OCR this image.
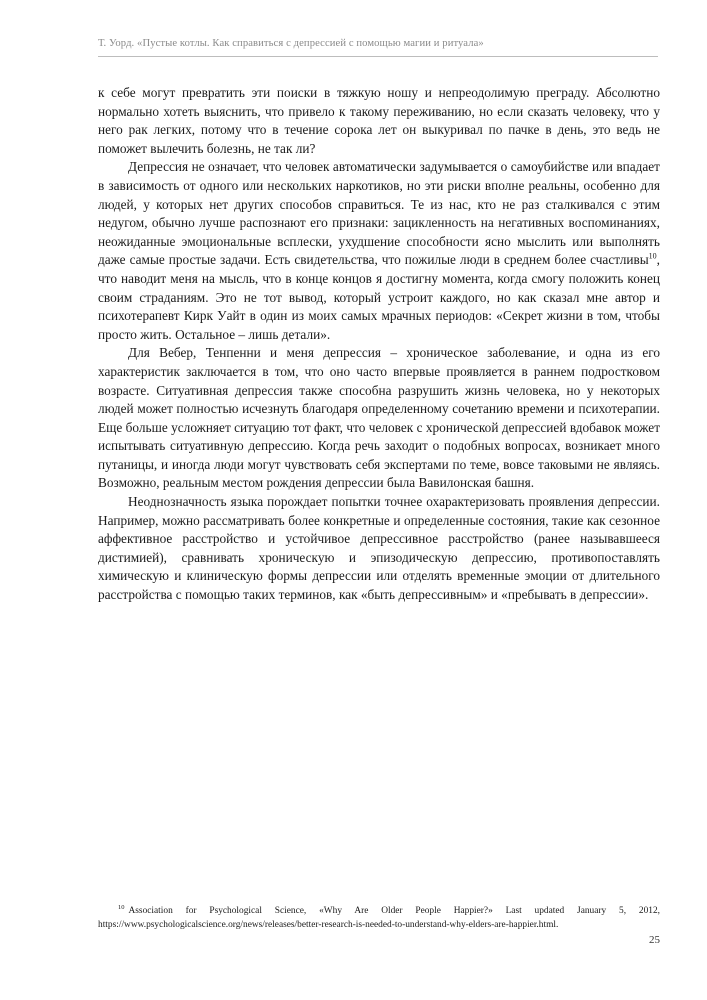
Т. Уорд. «Пустые котлы. Как справиться с депрессией с помощью магии и ритуала»

к себе могут превратить эти поиски в тяжкую ношу и непреодолимую преграду. Абсолютно нормально хотеть выяснить, что привело к такому переживанию, но если сказать человеку, что у него рак легких, потому что в течение сорока лет он выкуривал по пачке в день, это ведь не поможет вылечить болезнь, не так ли?

Депрессия не означает, что человек автоматически задумывается о самоубийстве или впадает в зависимость от одного или нескольких наркотиков, но эти риски вполне реальны, особенно для людей, у которых нет других способов справиться. Те из нас, кто не раз сталкивался с этим недугом, обычно лучше распознают его признаки: зацикленность на негативных воспоминаниях, неожиданные эмоциональные всплески, ухудшение способности ясно мыслить или выполнять даже самые простые задачи. Есть свидетельства, что пожилые люди в среднем более счастливы$^{10}$, что наводит меня на мысль, что в конце концов я достигну момента, когда смогу положить конец своим страданиям. Это не тот вывод, который устроит каждого, но как сказал мне автор и психотерапевт Кирк Уайт в один из моих самых мрачных периодов: «Секрет жизни в том, чтобы просто жить. Остальное – лишь детали».

Для Вебер, Тенпенни и меня депрессия – хроническое заболевание, и одна из его характеристик заключается в том, что оно часто впервые проявляется в раннем подростковом возрасте. Ситуативная депрессия также способна разрушить жизнь человека, но у некоторых людей может полностью исчезнуть благодаря определенному сочетанию времени и психотерапии. Еще больше усложняет ситуацию тот факт, что человек с хронической депрессией вдобавок может испытывать ситуативную депрессию. Когда речь заходит о подобных вопросах, возникает много путаницы, и иногда люди могут чувствовать себя экспертами по теме, вовсе таковыми не являясь. Возможно, реальным местом рождения депрессии была Вавилонская башня.

Неоднозначность языка порождает попытки точнее охарактеризовать проявления депрессии. Например, можно рассматривать более конкретные и определенные состояния, такие как сезонное аффективное расстройство и устойчивое депрессивное расстройство (ранее называвшееся дистимией), сравнивать хроническую и эпизодическую депрессию, противопоставлять химическую и клиническую формы депрессии или отделять временные эмоции от длительного расстройства с помощью таких терминов, как «быть депрессивным» и «пребывать в депрессии».

$^{10}$ Association for Psychological Science, «Why Are Older People Happier?» Last updated January 5, 2012, https://www.psychologicalscience.org/news/releases/better-research-is-needed-to-understand-why-elders-are-happier.html.
25
